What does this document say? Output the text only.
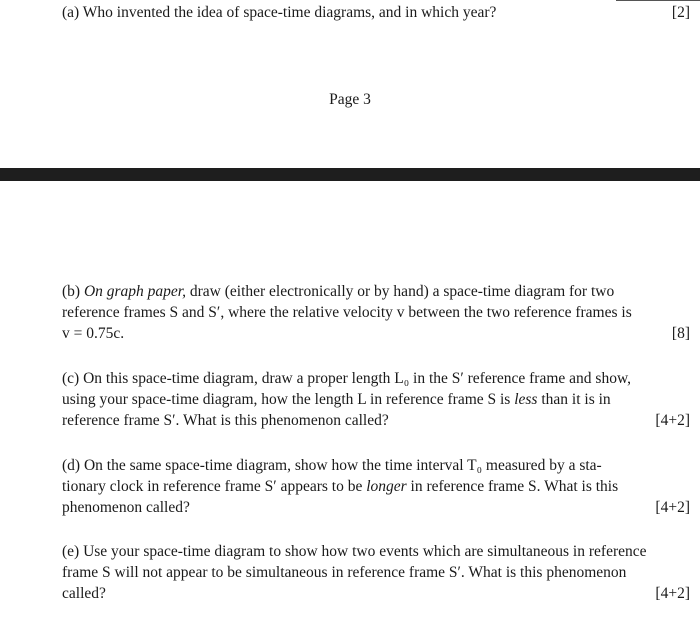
(a) Who invented the idea of space-time diagrams, and in which year?	[2]
Page 3
(b) On graph paper, draw (either electronically or by hand) a space-time diagram for two
reference frames S and S′, where the relative velocity v between the two reference frames is
v = 0.75c.	[8]
(c) On this space-time diagram, draw a proper length L₀ in the S′ reference frame and show,
using your space-time diagram, how the length L in reference frame S is less than it is in
reference frame S′. What is this phenomenon called?	[4+2]
(d) On the same space-time diagram, show how the time interval T₀ measured by a sta-
tionary clock in reference frame S′ appears to be longer in reference frame S. What is this
phenomenon called?	[4+2]
(e) Use your space-time diagram to show how two events which are simultaneous in reference
frame S will not appear to be simultaneous in reference frame S′. What is this phenomenon
called?	[4+2]
